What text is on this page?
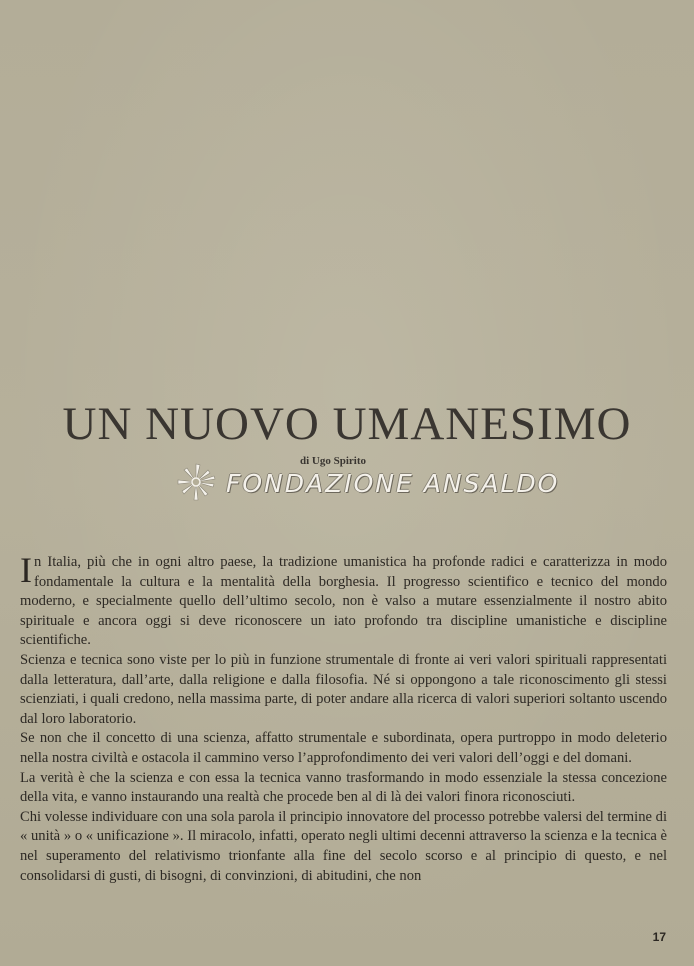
UN NUOVO UMANESIMO
di Ugo Spirito
FONDAZIONE ANSALDO

In Italia, più che in ogni altro paese, la tradizione umanistica ha profonde radici e caratterizza in modo fondamentale la cultura e la mentalità della borghesia. Il progresso scientifico e tecnico del mondo moderno, e specialmente quello dell’ultimo secolo, non è valso a mutare essenzialmente il nostro abito spirituale e ancora oggi si deve riconoscere un iato profondo tra discipline umanistiche e discipline scientifiche.

Scienza e tecnica sono viste per lo più in funzione strumentale di fronte ai veri valori spirituali rappresentati dalla letteratura, dall’arte, dalla religione e dalla filosofia. Né si oppongono a tale riconoscimento gli stessi scienziati, i quali credono, nella massima parte, di poter andare alla ricerca di valori superiori soltanto uscendo dal loro laboratorio.

Se non che il concetto di una scienza, affatto strumentale e subordinata, opera purtroppo in modo deleterio nella nostra civiltà e ostacola il cammino verso l’approfondimento dei veri valori dell’oggi e del domani.

La verità è che la scienza e con essa la tecnica vanno trasformando in modo essenziale la stessa concezione della vita, e vanno instaurando una realtà che procede ben al di là dei valori finora riconosciuti.

Chi volesse individuare con una sola parola il principio innovatore del processo potrebbe valersi del termine di « unità » o « unificazione ». Il miracolo, infatti, operato negli ultimi decenni attraverso la scienza e la tecnica è nel superamento del relativismo trionfante alla fine del secolo scorso e al principio di questo, e nel consolidarsi di gusti, di bisogni, di convinzioni, di abitudini, che non

17
